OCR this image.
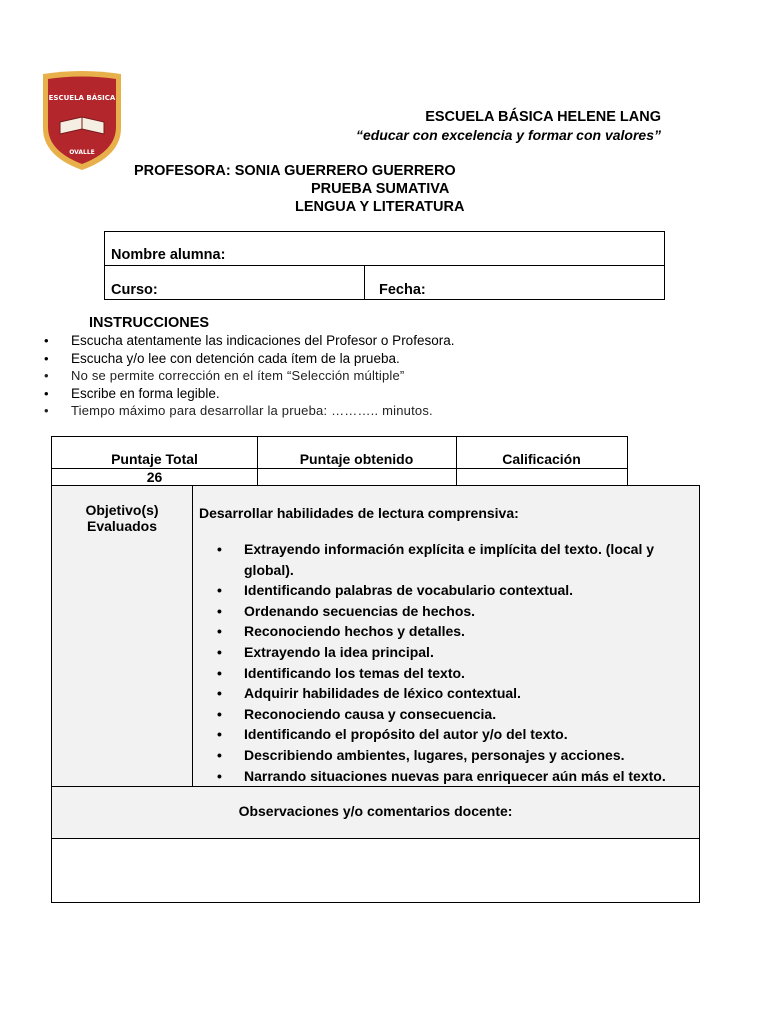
ESCUELA BÁSICA
OVALLE
ESCUELA BÁSICA HELENE LANG
“educar con excelencia y formar con valores”
PROFESORA: SONIA GUERRERO GUERRERO
PRUEBA SUMATIVA
LENGUA Y LITERATURA
Nombre alumna:
Curso:	Fecha:
INSTRUCCIONES
• Escucha atentamente las indicaciones del Profesor o Profesora.
• Escucha y/o lee con detención cada ítem de la prueba.
• No se permite corrección en el ítem “Selección múltiple”
• Escribe en forma legible.
• Tiempo máximo para desarrollar la prueba: ……….. minutos.
Puntaje Total	Puntaje obtenido	Calificación
26
Objetivo(s) Evaluados
Desarrollar habilidades de lectura comprensiva:
• Extrayendo información explícita e implícita del texto. (local y global).
• Identificando palabras de vocabulario contextual.
• Ordenando secuencias de hechos.
• Reconociendo hechos y detalles.
• Extrayendo la idea principal.
• Identificando los temas del texto.
• Adquirir habilidades de léxico contextual.
• Reconociendo causa y consecuencia.
• Identificando el propósito del autor y/o del texto.
• Describiendo ambientes, lugares, personajes y acciones.
• Narrando situaciones nuevas para enriquecer aún más el texto.
Observaciones y/o comentarios docente:
